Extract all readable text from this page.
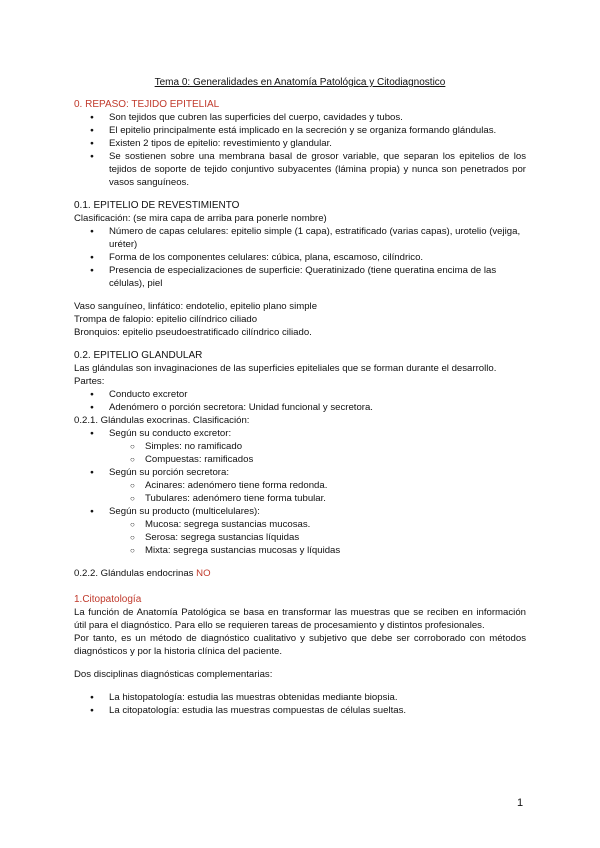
Tema 0: Generalidades en Anatomía Patológica y Citodiagnostico

0. REPASO: TEJIDO EPITELIAL

● Son tejidos que cubren las superficies del cuerpo, cavidades y tubos.

● El epitelio principalmente está implicado en la secreción y se organiza formando glándulas.

● Existen 2 tipos de epitelio: revestimiento y glandular.

● Se sostienen sobre una membrana basal de grosor variable, que separan los epitelios de los tejidos de soporte de tejido conjuntivo subyacentes (lámina propia) y nunca son penetrados por vasos sanguíneos.

0.1. EPITELIO DE REVESTIMIENTO

Clasificación: (se mira capa de arriba para ponerle nombre)

● Número de capas celulares: epitelio simple (1 capa), estratificado (varias capas), urotelio (vejiga, uréter)

● Forma de los componentes celulares: cúbica, plana, escamoso, cilíndrico.

● Presencia de especializaciones de superficie: Queratinizado (tiene queratina encima de las células), piel

Vaso sanguíneo, linfático: endotelio, epitelio plano simple

Trompa de falopio: epitelio cilíndrico ciliado

Bronquios: epitelio pseudoestratificado cilíndrico ciliado.

0.2. EPITELIO GLANDULAR

Las glándulas son invaginaciones de las superficies epiteliales que se forman durante el desarrollo.

Partes:

● Conducto excretor

● Adenómero o porción secretora: Unidad funcional y secretora.

0.2.1. Glándulas exocrinas. Clasificación:

● Según su conducto excretor:

○ Simples: no ramificado

○ Compuestas: ramificados

● Según su porción secretora:

○ Acinares: adenómero tiene forma redonda.

○ Tubulares: adenómero tiene forma tubular.

● Según su producto (multicelulares):

○ Mucosa: segrega sustancias mucosas.

○ Serosa: segrega sustancias líquidas

○ Mixta: segrega sustancias mucosas y líquidas

0.2.2. Glándulas endocrinas NO

1.Citopatología

La función de Anatomía Patológica se basa en transformar las muestras que se reciben en información útil para el diagnóstico. Para ello se requieren tareas de procesamiento y distintos profesionales.

Por tanto, es un método de diagnóstico cualitativo y subjetivo que debe ser corroborado con métodos diagnósticos y por la historia clínica del paciente.

Dos disciplinas diagnósticas complementarias:

● La histopatología: estudia las muestras obtenidas mediante biopsia.

● La citopatología: estudia las muestras compuestas de células sueltas.

1
